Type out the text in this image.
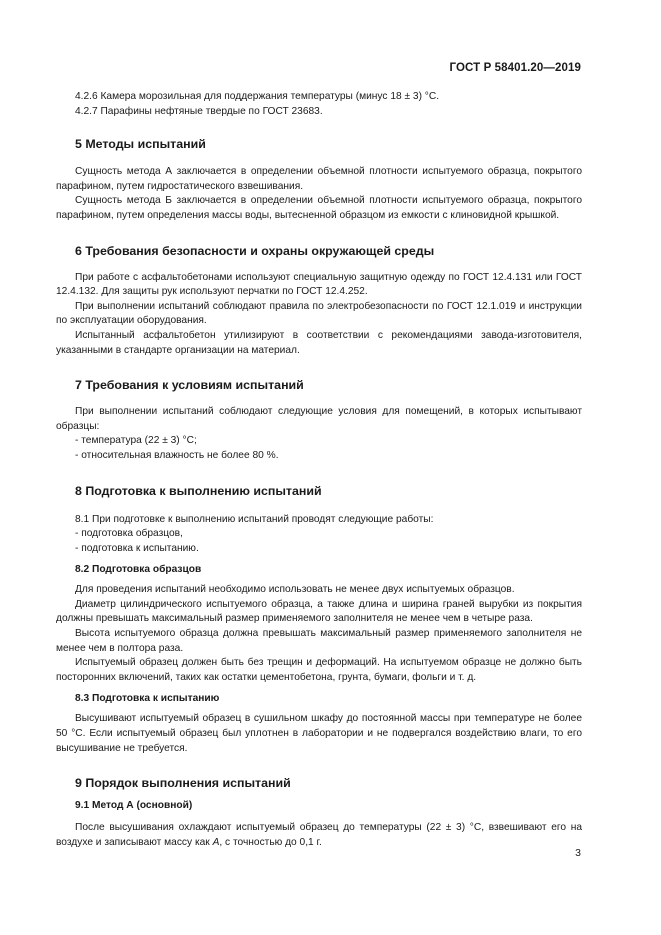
ГОСТ Р 58401.20—2019

4.2.6 Камера морозильная для поддержания температуры (минус 18 ± 3) °С.

4.2.7 Парафины нефтяные твердые по ГОСТ 23683.

5 Методы испытаний

Сущность метода А заключается в определении объемной плотности испытуемого образца, покрытого парафином, путем гидростатического взвешивания.

Сущность метода Б заключается в определении объемной плотности испытуемого образца, покрытого парафином, путем определения массы воды, вытесненной образцом из емкости с клиновидной крышкой.

6 Требования безопасности и охраны окружающей среды

При работе с асфальтобетонами используют специальную защитную одежду по ГОСТ 12.4.131 или ГОСТ 12.4.132. Для защиты рук используют перчатки по ГОСТ 12.4.252.

При выполнении испытаний соблюдают правила по электробезопасности по ГОСТ 12.1.019 и инструкции по эксплуатации оборудования.

Испытанный асфальтобетон утилизируют в соответствии с рекомендациями завода-изготовителя, указанными в стандарте организации на материал.

7 Требования к условиям испытаний

При выполнении испытаний соблюдают следующие условия для помещений, в которых испытывают образцы:

- температура (22 ± 3) °С;

- относительная влажность не более 80 %.

8 Подготовка к выполнению испытаний

8.1 При подготовке к выполнению испытаний проводят следующие работы:

- подготовка образцов,

- подготовка к испытанию.

8.2 Подготовка образцов

Для проведения испытаний необходимо использовать не менее двух испытуемых образцов.

Диаметр цилиндрического испытуемого образца, а также длина и ширина граней вырубки из покрытия должны превышать максимальный размер применяемого заполнителя не менее чем в четыре раза.

Высота испытуемого образца должна превышать максимальный размер применяемого заполнителя не менее чем в полтора раза.

Испытуемый образец должен быть без трещин и деформаций. На испытуемом образце не должно быть посторонних включений, таких как остатки цементобетона, грунта, бумаги, фольги и т. д.

8.3 Подготовка к испытанию

Высушивают испытуемый образец в сушильном шкафу до постоянной массы при температуре не более 50 °С. Если испытуемый образец был уплотнен в лаборатории и не подвергался воздействию влаги, то его высушивание не требуется.

9 Порядок выполнения испытаний
9.1 Метод А (основной)

После высушивания охлаждают испытуемый образец до температуры (22 ± 3) °С, взвешивают его на воздухе и записывают массу как А, с точностью до 0,1 г.

3
